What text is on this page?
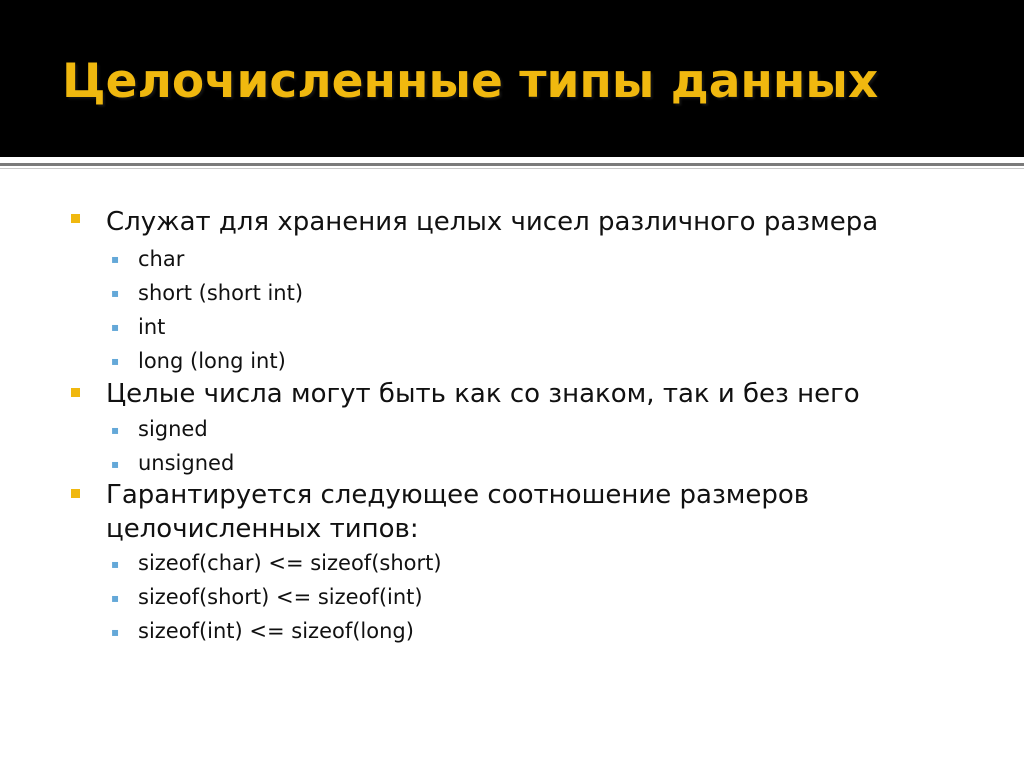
Целочисленные типы данных
Служат для хранения целых чисел различного размера
▪ char
▪ short (short int)
▪ int
▪ long (long int)
Целые числа могут быть как со знаком, так и без него
▪ signed
▪ unsigned
Гарантируется следующее соотношение размеров
целочисленных типов:
▪ sizeof(char) <= sizeof(short)
▪ sizeof(short) <= sizeof(int)
▪ sizeof(int) <= sizeof(long)
